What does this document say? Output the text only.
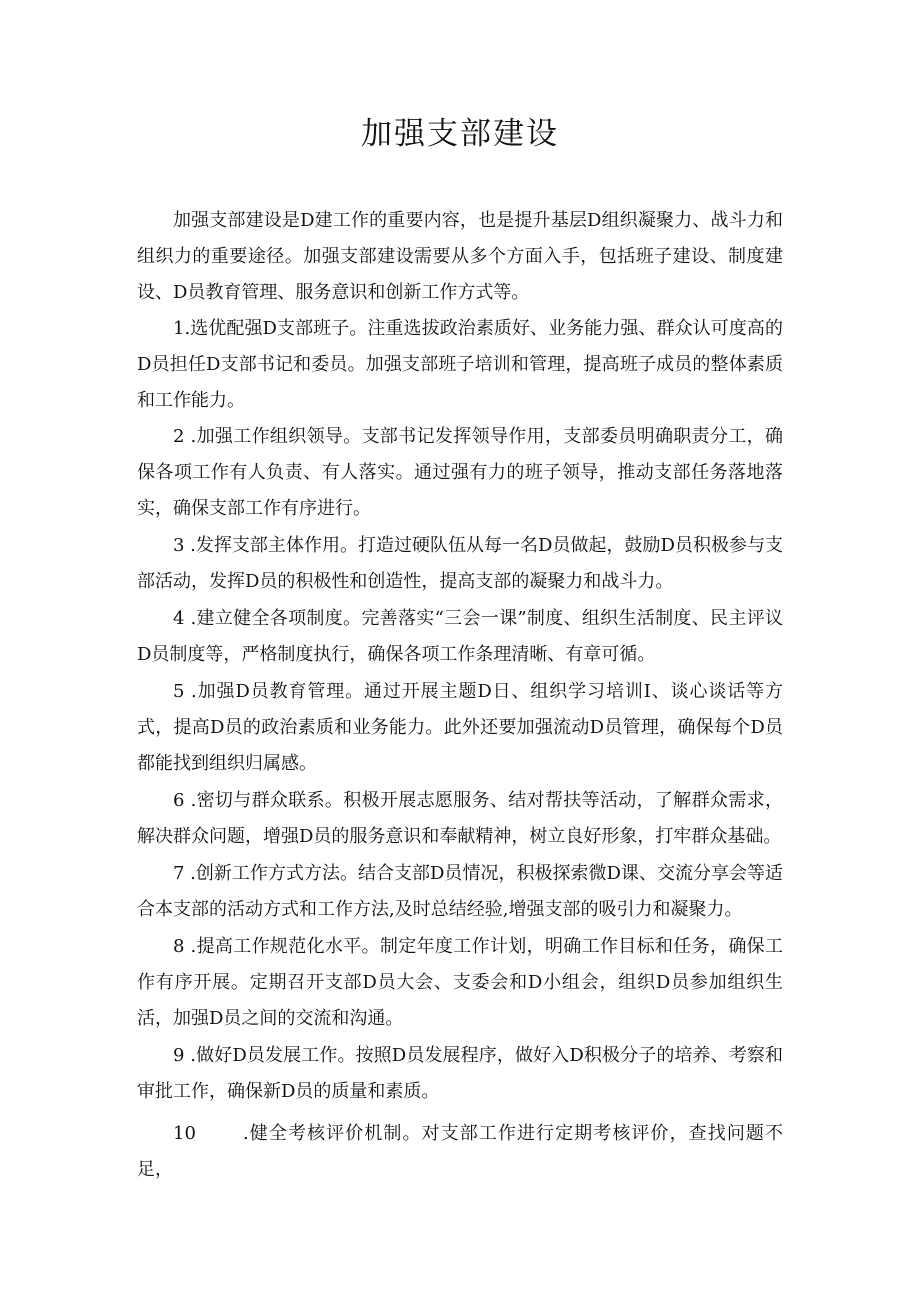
加强支部建设

加强支部建设是D建工作的重要内容，也是提升基层D组织凝聚力、战斗力和组织力的重要途径。加强支部建设需要从多个方面入手，包括班子建设、制度建设、D员教育管理、服务意识和创新工作方式等。

1.选优配强D支部班子。注重选拔政治素质好、业务能力强、群众认可度高的D员担任D支部书记和委员。加强支部班子培训和管理，提高班子成员的整体素质和工作能力。

2 .加强工作组织领导。支部书记发挥领导作用，支部委员明确职责分工，确保各项工作有人负责、有人落实。通过强有力的班子领导，推动支部任务落地落实，确保支部工作有序进行。

3 .发挥支部主体作用。打造过硬队伍从每一名D员做起，鼓励D员积极参与支部活动，发挥D员的积极性和创造性，提高支部的凝聚力和战斗力。

4 .建立健全各项制度。完善落实“三会一课”制度、组织生活制度、民主评议D员制度等，严格制度执行，确保各项工作条理清晰、有章可循。

5 .加强D员教育管理。通过开展主题D日、组织学习培训I、谈心谈话等方式，提高D员的政治素质和业务能力。此外还要加强流动D员管理，确保每个D员都能找到组织归属感。

6 .密切与群众联系。积极开展志愿服务、结对帮扶等活动，了解群众需求，解决群众问题，增强D员的服务意识和奉献精神，树立良好形象，打牢群众基础。

7 .创新工作方式方法。结合支部D员情况，积极探索微D课、交流分享会等适合本支部的活动方式和工作方法,及时总结经验,增强支部的吸引力和凝聚力。

8 .提高工作规范化水平。制定年度工作计划，明确工作目标和任务，确保工作有序开展。定期召开支部D员大会、支委会和D小组会，组织D员参加组织生活，加强D员之间的交流和沟通。

9 .做好D员发展工作。按照D员发展程序，做好入D积极分子的培养、考察和审批工作，确保新D员的质量和素质。

10	.健全考核评价机制。对支部工作进行定期考核评价，查找问题不足，
